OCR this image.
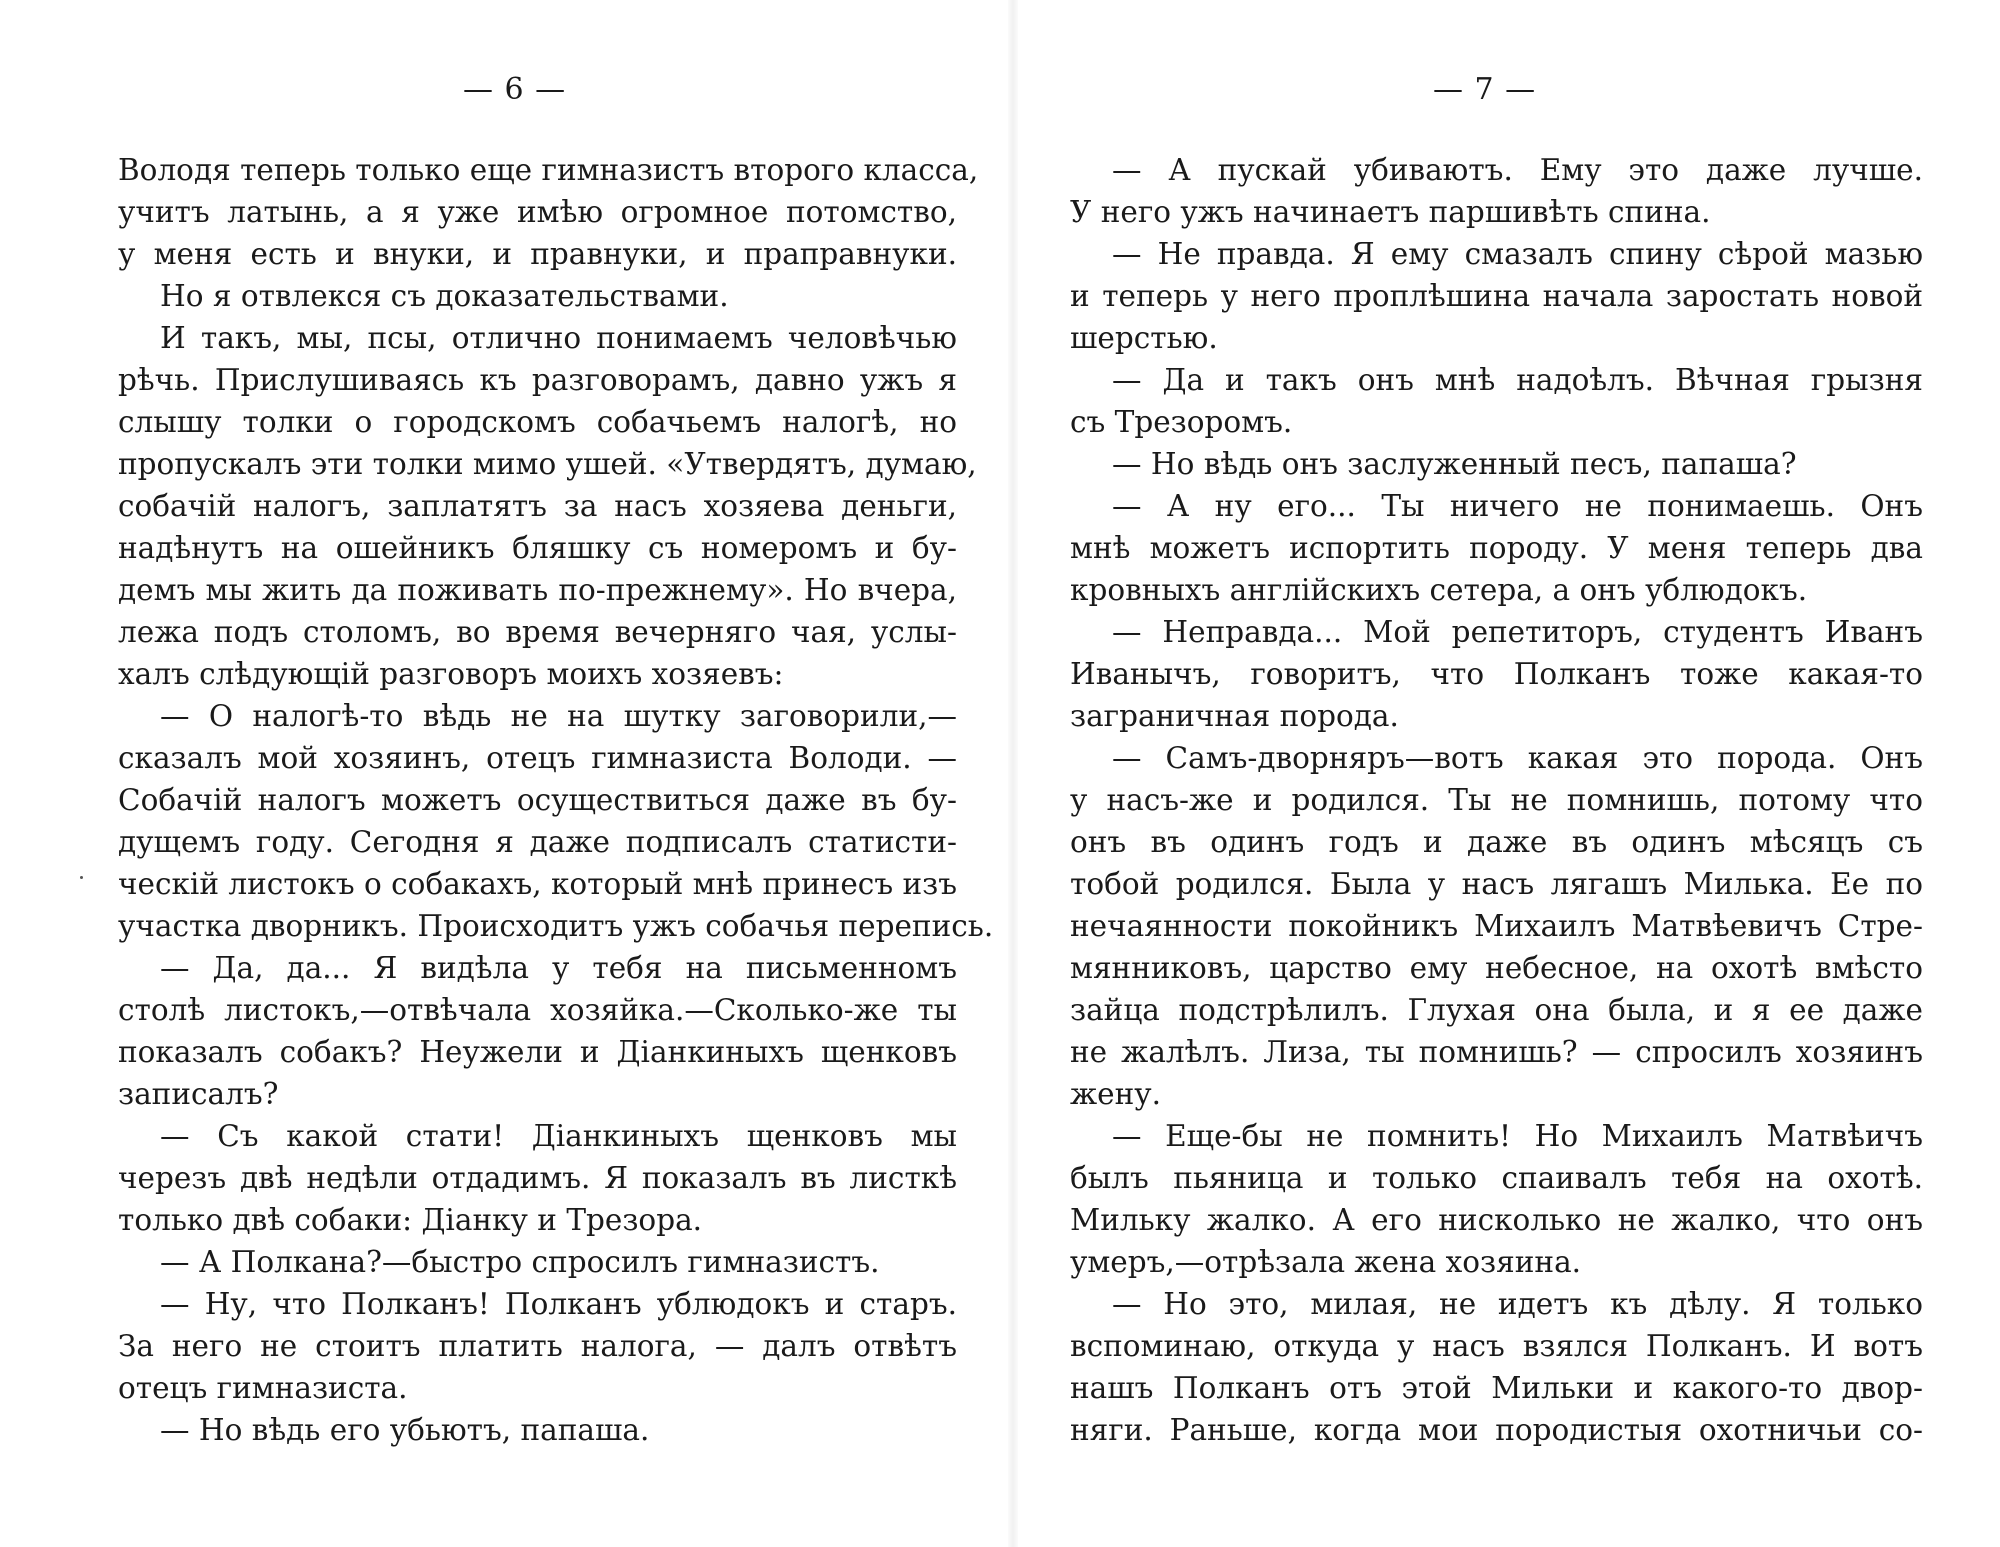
— 6 —
Володя теперь только еще гимназистъ второго класса,
учитъ латынь, а я уже имѣю огромное потомство,
у меня есть и внуки, и правнуки, и праправнуки.
Но я отвлекся съ доказательствами.
И такъ, мы, псы, отлично понимаемъ человѣчью
рѣчь. Прислушиваясь къ разговорамъ, давно ужъ я
слышу толки о городскомъ собачьемъ налогѣ, но
пропускалъ эти толки мимо ушей. «Утвердятъ, думаю,
собачій налогъ, заплатятъ за насъ хозяева деньги,
надѣнутъ на ошейникъ бляшку съ номеромъ и бу-
демъ мы жить да поживать по-прежнему». Но вчера,
лежа подъ столомъ, во время вечерняго чая, услы-
халъ слѣдующій разговоръ моихъ хозяевъ:
— О налогѣ-то вѣдь не на шутку заговорили,—
сказалъ мой хозяинъ, отецъ гимназиста Володи. —
Собачій налогъ можетъ осуществиться даже въ бу-
дущемъ году. Сегодня я даже подписалъ статисти-
ческій листокъ о собакахъ, который мнѣ принесъ изъ
участка дворникъ. Происходитъ ужъ собачья перепись.
— Да, да... Я видѣла у тебя на письменномъ
столѣ листокъ,—отвѣчала хозяйка.—Сколько-же ты
показалъ собакъ? Неужели и Діанкиныхъ щенковъ
записалъ?
— Съ какой стати! Діанкиныхъ щенковъ мы
черезъ двѣ недѣли отдадимъ. Я показалъ въ листкѣ
только двѣ собаки: Діанку и Трезора.
— А Полкана?—быстро спросилъ гимназистъ.
— Ну, что Полканъ! Полканъ ублюдокъ и старъ.
За него не стоитъ платить налога, — далъ отвѣтъ
отецъ гимназиста.
— Но вѣдь его убьютъ, папаша.
— 7 —
— А пускай убиваютъ. Ему это даже лучше.
У него ужъ начинаетъ паршивѣть спина.
— Не правда. Я ему смазалъ спину сѣрой мазью
и теперь у него проплѣшина начала заростать новой
шерстью.
— Да и такъ онъ мнѣ надоѣлъ. Вѣчная грызня
съ Трезоромъ.
— Но вѣдь онъ заслуженный песъ, папаша?
— А ну его... Ты ничего не понимаешь. Онъ
мнѣ можетъ испортить породу. У меня теперь два
кровныхъ англійскихъ сетера, а онъ ублюдокъ.
— Неправда... Мой репетиторъ, студентъ Иванъ
Иванычъ, говоритъ, что Полканъ тоже какая-то
заграничная порода.
— Самъ-дворняръ—вотъ какая это порода. Онъ
у насъ-же и родился. Ты не помнишь, потому что
онъ въ одинъ годъ и даже въ одинъ мѣсяцъ съ
тобой родился. Была у насъ лягашъ Милька. Ее по
нечаянности покойникъ Михаилъ Матвѣевичъ Стре-
мянниковъ, царство ему небесное, на охотѣ вмѣсто
зайца подстрѣлилъ. Глухая она была, и я ее даже
не жалѣлъ. Лиза, ты помнишь? — спросилъ хозяинъ
жену.
— Еще-бы не помнить! Но Михаилъ Матвѣичъ
былъ пьяница и только спаивалъ тебя на охотѣ.
Мильку жалко. А его нисколько не жалко, что онъ
умеръ,—отрѣзала жена хозяина.
— Но это, милая, не идетъ къ дѣлу. Я только
вспоминаю, откуда у насъ взялся Полканъ. И вотъ
нашъ Полканъ отъ этой Мильки и какого-то двор-
няги. Раньше, когда мои породистыя охотничьи со-
